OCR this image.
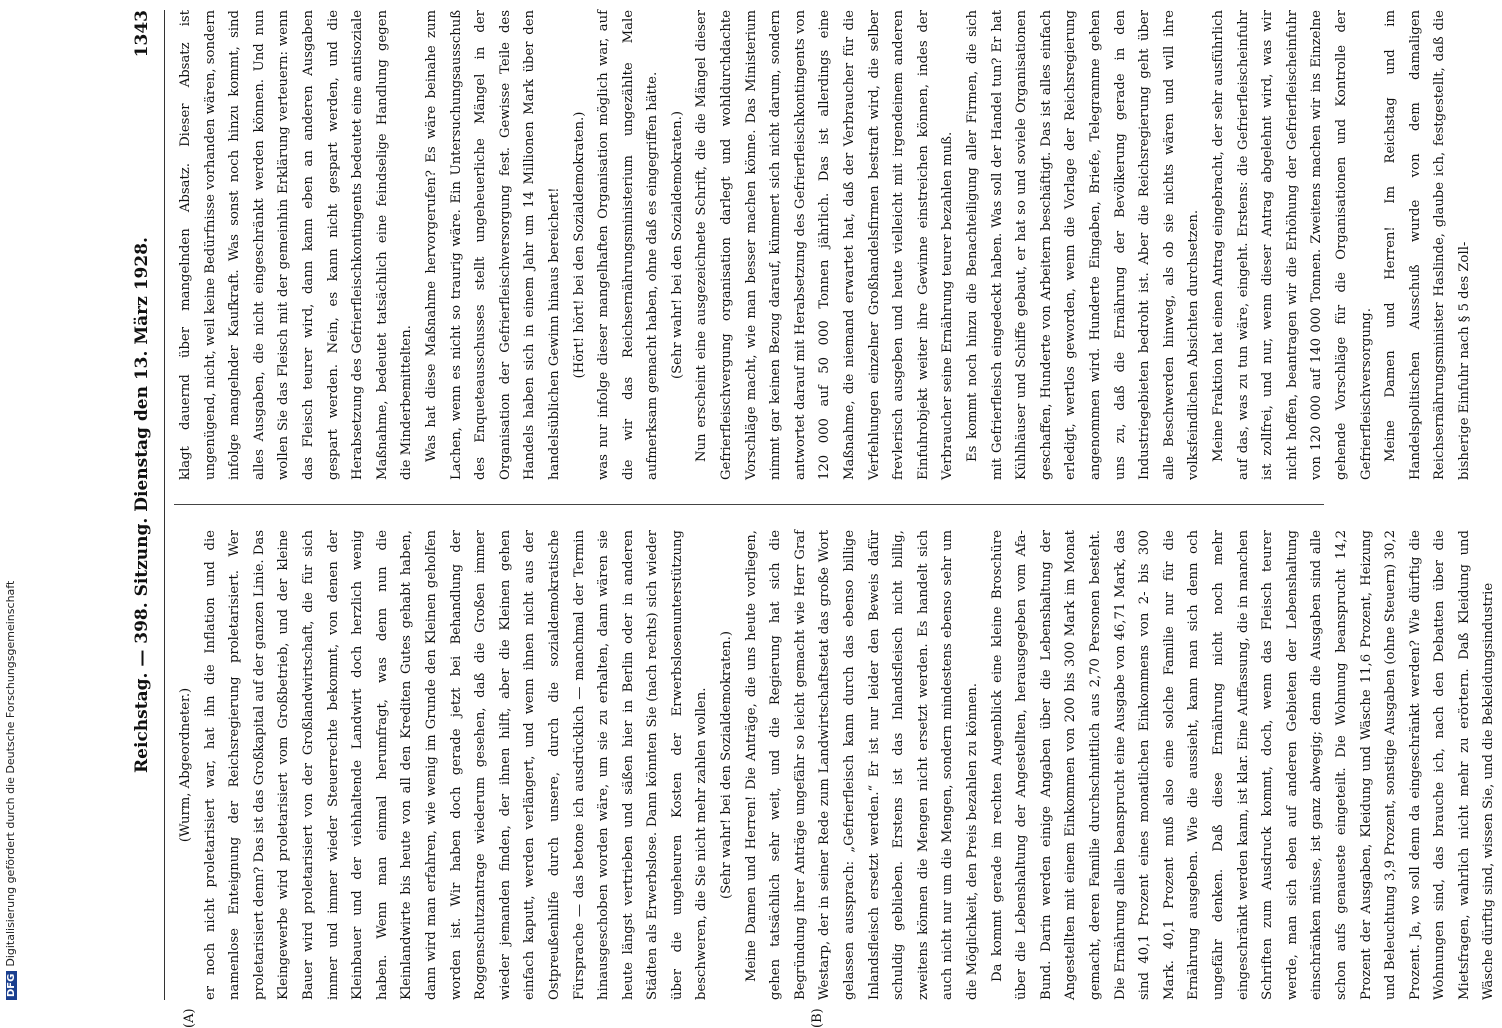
Reichstag. — 398. Sitzung. Dienstag den 13. März 1928.
1343
(A)	(B)

(Wurm, Abgeordneter.) er noch nicht proletarisiert war, hat ihn die Inflation und die namenlose Enteignung der Reichsregierung proletarisiert. Wer proletarisiert denn? Das ist das Großkapital auf der ganzen Linie. Das Kleingewerbe wird proletarisiert vom Großbetrieb, und der kleine Bauer wird proletarisiert von der Großlandwirtschaft, die für sich immer und immer wieder Steuerrechte bekommt, von denen der Kleinbauer und der viehhaltende Landwirt doch herzlich wenig haben. Wenn man einmal herumfragt, was denn nun die Kleinlandwirte bis heute von all den Krediten Gutes gehabt haben, dann wird man erfahren, wie wenig im Grunde den Kleinen geholfen worden ist. Wir haben doch gerade jetzt bei Behandlung der Roggenschutzantrage wiederum gesehen, daß die Großen immer wieder jemanden finden, der ihnen hilft, aber die Kleinen gehen einfach kaputt, werden verlängert, und wenn ihnen nicht aus der Ostpreußenhilfe durch unsere, durch die sozialdemokratische Fürsprache — das betone ich ausdrücklich — manchmal der Termin hinausgeschoben worden wäre, um sie zu erhalten, dann wären sie heute längst vertrieben und säßen hier in Berlin oder in anderen Städten als Erwerbslose. Dann könnten Sie (nach rechts) sich wieder über die ungeheuren Kosten der Erwerbslosenunterstützung beschweren, die Sie nicht mehr zahlen wollen. (Sehr wahr! bei den Sozialdemokraten.) Meine Damen und Herren! Die Anträge, die uns heute vorliegen, gehen tatsächlich sehr weit, und die Regierung hat sich die Begründung ihrer Anträge ungefähr so leicht gemacht wie Herr Graf Westarp, der in seiner Rede zum Landwirtschaftsetat das große Wort gelassen aussprach: „Gefrierfleisch kann durch das ebenso billige Inlandsfleisch ersetzt werden.“ Er ist nur leider den Beweis dafür schuldig geblieben. Erstens ist das Inlandsfleisch nicht billig, zweitens können die Mengen nicht ersetzt werden. Es handelt sich auch nicht nur um die Mengen, sondern mindestens ebenso sehr um die Möglichkeit, den Preis bezahlen zu können. Da kommt gerade im rechten Augenblick eine kleine Broschüre über die Lebenshaltung der Angestellten, herausgegeben vom Afa-Bund. Darin werden einige Angaben über die Lebenshaltung der Angestellten mit einem Einkommen von 200 bis 300 Mark im Monat gemacht, deren Familie durchschnittlich aus 2,70 Personen besteht. Die Ernährung allein beansprucht eine Ausgabe von 46,71 Mark, das sind 40,1 Prozent eines monatlichen Einkommens von 2- bis 300 Mark. 40,1 Prozent muß also eine solche Familie nur für die Ernährung ausgeben. Wie die aussieht, kann man sich denn och ungefähr denken. Daß diese Ernährung nicht noch mehr eingeschränkt werden kann, ist klar. Eine Auffassung, die in manchen Schriften zum Ausdruck kommt, doch, wenn das Fleisch teurer werde, man sich eben auf anderen Gebieten der Lebenshaltung einschränken müsse, ist ganz abwegig; denn die Ausgaben sind alle schon aufs genaueste eingeteilt. Die Wohnung beansprucht 14,2 Prozent der Ausgaben, Kleidung und Wäsche 11,6 Prozent, Heizung und Beleuchtung 3,9 Prozent, sonstige Ausgaben (ohne Steuern) 30,2 Prozent. Ja, wo soll denn da eingeschränkt werden? Wie dürftig die Wohnungen sind, das brauche ich, nach den Debatten über die Mietsfragen, wahrlich nicht mehr zu erörtern. Daß Kleidung und Wäsche dürftig sind, wissen Sie, und die Bekleidungsindustrie

klagt dauernd über mangelnden Absatz. Dieser Absatz ist ungenügend, nicht, weil keine Bedürfnisse vorhanden wären, sondern infolge mangelnder Kaufkraft. Was sonst noch hinzu kommt, sind alles Ausgaben, die nicht eingeschränkt werden können. Und nun wollen Sie das Fleisch mit der gemeinhin Erklärung verteuern: wenn das Fleisch teurer wird, dann kann eben an anderen Ausgaben gespart werden. Nein, es kann nicht gespart werden, und die Herabsetzung des Gefrierfleischkontingents bedeutet eine antisoziale Maßnahme, bedeutet tatsächlich eine feindselige Handlung gegen die Minderbemittelten. Was hat diese Maßnahme hervorgerufen? Es wäre beinahe zum Lachen, wenn es nicht so traurig wäre. Ein Untersuchungsausschuß des Enqueteausschusses stellt ungeheuerliche Mängel in der Organisation der Gefrierfleischversorgung fest. Gewisse Teile des Handels haben sich in einem Jahr um 14 Millionen Mark über den handelsüblichen Gewinn hinaus bereichert! (Hört! hört! bei den Sozialdemokraten.) was nur infolge dieser mangelhaften Organisation möglich war, auf die wir das Reichsernährungsministerium ungezählte Male aufmerksam gemacht haben, ohne daß es eingegriffen hätte. (Sehr wahr! bei den Sozialdemokraten.) Nun erscheint eine ausgezeichnete Schrift, die die Mängel dieser Gefrierfleischvergung organisation darlegt und wohldurchdachte Vorschläge macht, wie man besser machen könne. Das Ministerium nimmt gar keinen Bezug darauf, kümmert sich nicht darum, sondern antwortet darauf mit Herabsetzung des Gefrierfleischkontingents von 120 000 auf 50 000 Tonnen jährlich. Das ist allerdings eine Maßnahme, die niemand erwartet hat, daß der Verbraucher für die Verfehlungen einzelner Großhandelsfirmen bestraft wird, die selber frevlerisch ausgeben und heute vielleicht mit irgendeinem anderen Einfuhrobjekt weiter ihre Gewinne einstreichen können, indes der Verbraucher seine Ernährung teurer bezahlen muß. Es kommt noch hinzu die Benachteiligung aller Firmen, die sich mit Gefrierfleisch eingedeckt haben. Was soll der Handel tun? Er hat Kühlhäuser und Schiffe gebaut, er hat so und soviele Organisationen geschaffen, Hunderte von Arbeitern beschäftigt. Das ist alles einfach erledigt, wertlos geworden, wenn die Vorlage der Reichsregierung angenommen wird. Hunderte Eingaben, Briefe, Telegramme gehen uns zu, daß die Ernährung der Bevölkerung gerade in den Industriegebieten bedroht ist. Aber die Reichsregierung geht über alle Beschwerden hinweg, als ob sie nichts wären und will ihre volksfeindlichen Absichten durchsetzen. Meine Fraktion hat einen Antrag eingebracht, der sehr ausführlich auf das, was zu tun wäre, eingeht. Erstens: die Gefrierfleischeinfuhr ist zollfrei, und nur, wenn dieser Antrag abgelehnt wird, was wir nicht hoffen, beantragen wir die Erhöhung der Gefrierfleischeinfuhr von 120 000 auf 140 000 Tonnen. Zweitens machen wir ins Einzelne gehende Vorschläge für die Organisationen und Kontrolle der Gefrierfleischversorgung. Meine Damen und Herren! Im Reichstag und im Handelspolitischen Ausschuß wurde von dem damaligen Reichsernährungsminister Haslinde, glaube ich, festgestellt, daß die bisherige Einfuhr nach § 5 des Zoll-

DFGDigitalisierung gefördert durch die Deutsche Forschungsgemeinschaft
